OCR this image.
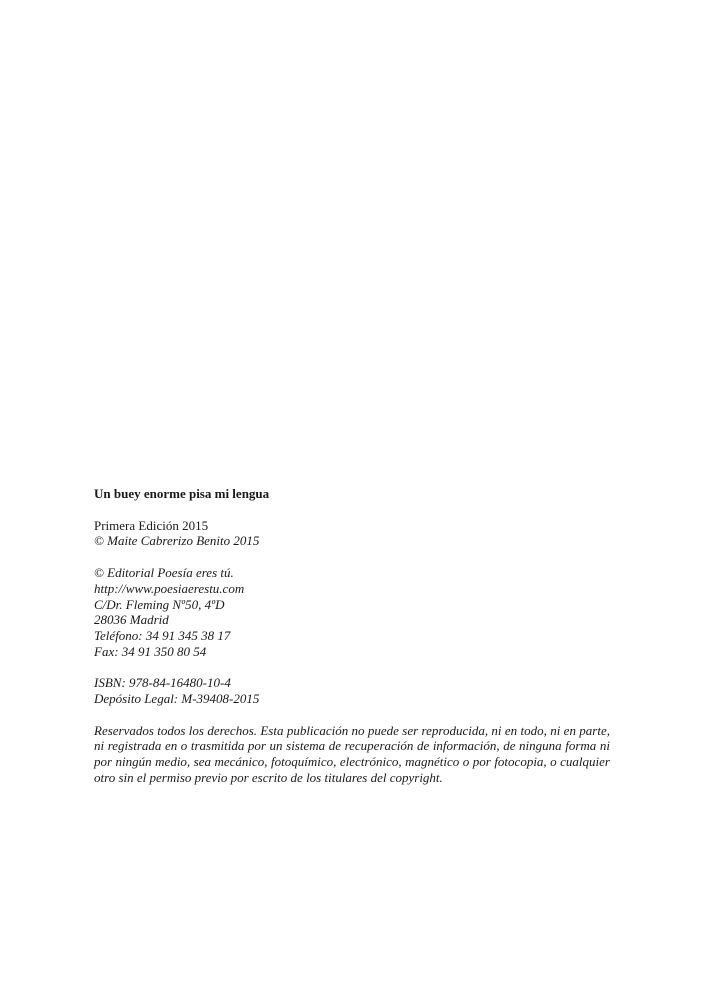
Un buey enorme pisa mi lengua

Primera Edición 2015
© Maite Cabrerizo Benito 2015
© Editorial Poesía eres tú.
http://www.poesiaerestu.com
C/Dr. Fleming Nº50, 4ºD
28036 Madrid
Teléfono: 34 91 345 38 17
Fax: 34 91 350 80 54
ISBN: 978-84-16480-10-4
Depósito Legal: M-39408-2015

Reservados todos los derechos. Esta publicación no puede ser reproducida, ni en todo, ni en parte, ni registrada en o trasmitida por un sistema de recuperación de información, de ninguna forma ni por ningún medio, sea mecánico, fotoquímico, electrónico, magnético o por fotocopia, o cualquier otro sin el permiso previo por escrito de los titulares del copyright.
